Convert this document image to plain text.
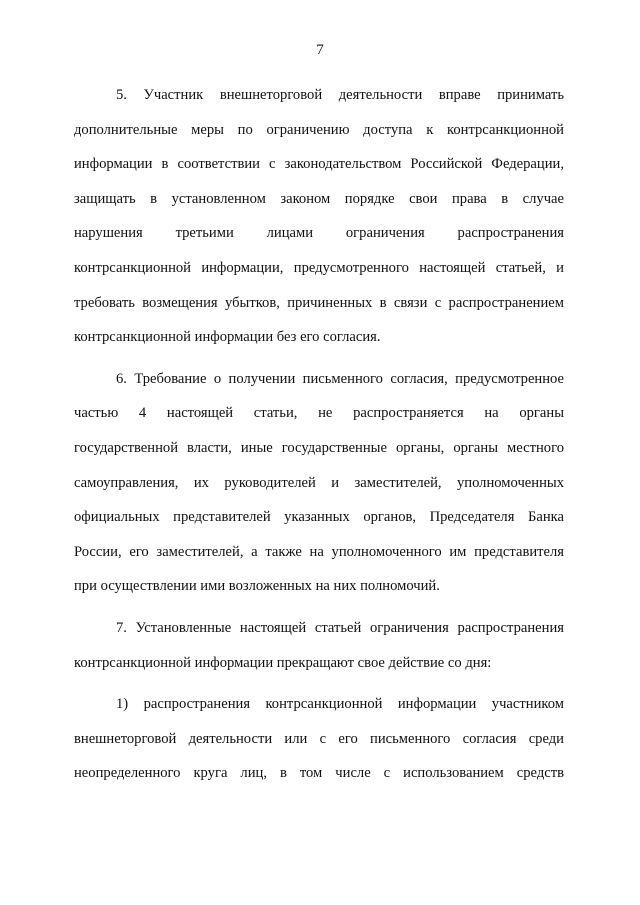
7

5. Участник внешнеторговой деятельности вправе принимать
дополнительные меры по ограничению доступа к контрсанкционной
информации в соответствии с законодательством Российской Федерации,
защищать в установленном законом порядке свои права в случае
нарушения третьими лицами ограничения распространения
контрсанкционной информации, предусмотренного настоящей статьей, и
требовать возмещения убытков, причиненных в связи с распространением
контрсанкционной информации без его согласия.

6. Требование о получении письменного согласия, предусмотренное
частью 4 настоящей статьи, не распространяется на органы
государственной власти, иные государственные органы, органы местного
самоуправления, их руководителей и заместителей, уполномоченных
официальных представителей указанных органов, Председателя Банка
России, его заместителей, а также на уполномоченного им представителя
при осуществлении ими возложенных на них полномочий.

7. Установленные настоящей статьей ограничения распространения
контрсанкционной информации прекращают свое действие со дня:

1) распространения контрсанкционной информации участником
внешнеторговой деятельности или с его письменного согласия среди
неопределенного круга лиц, в том числе с использованием средств
